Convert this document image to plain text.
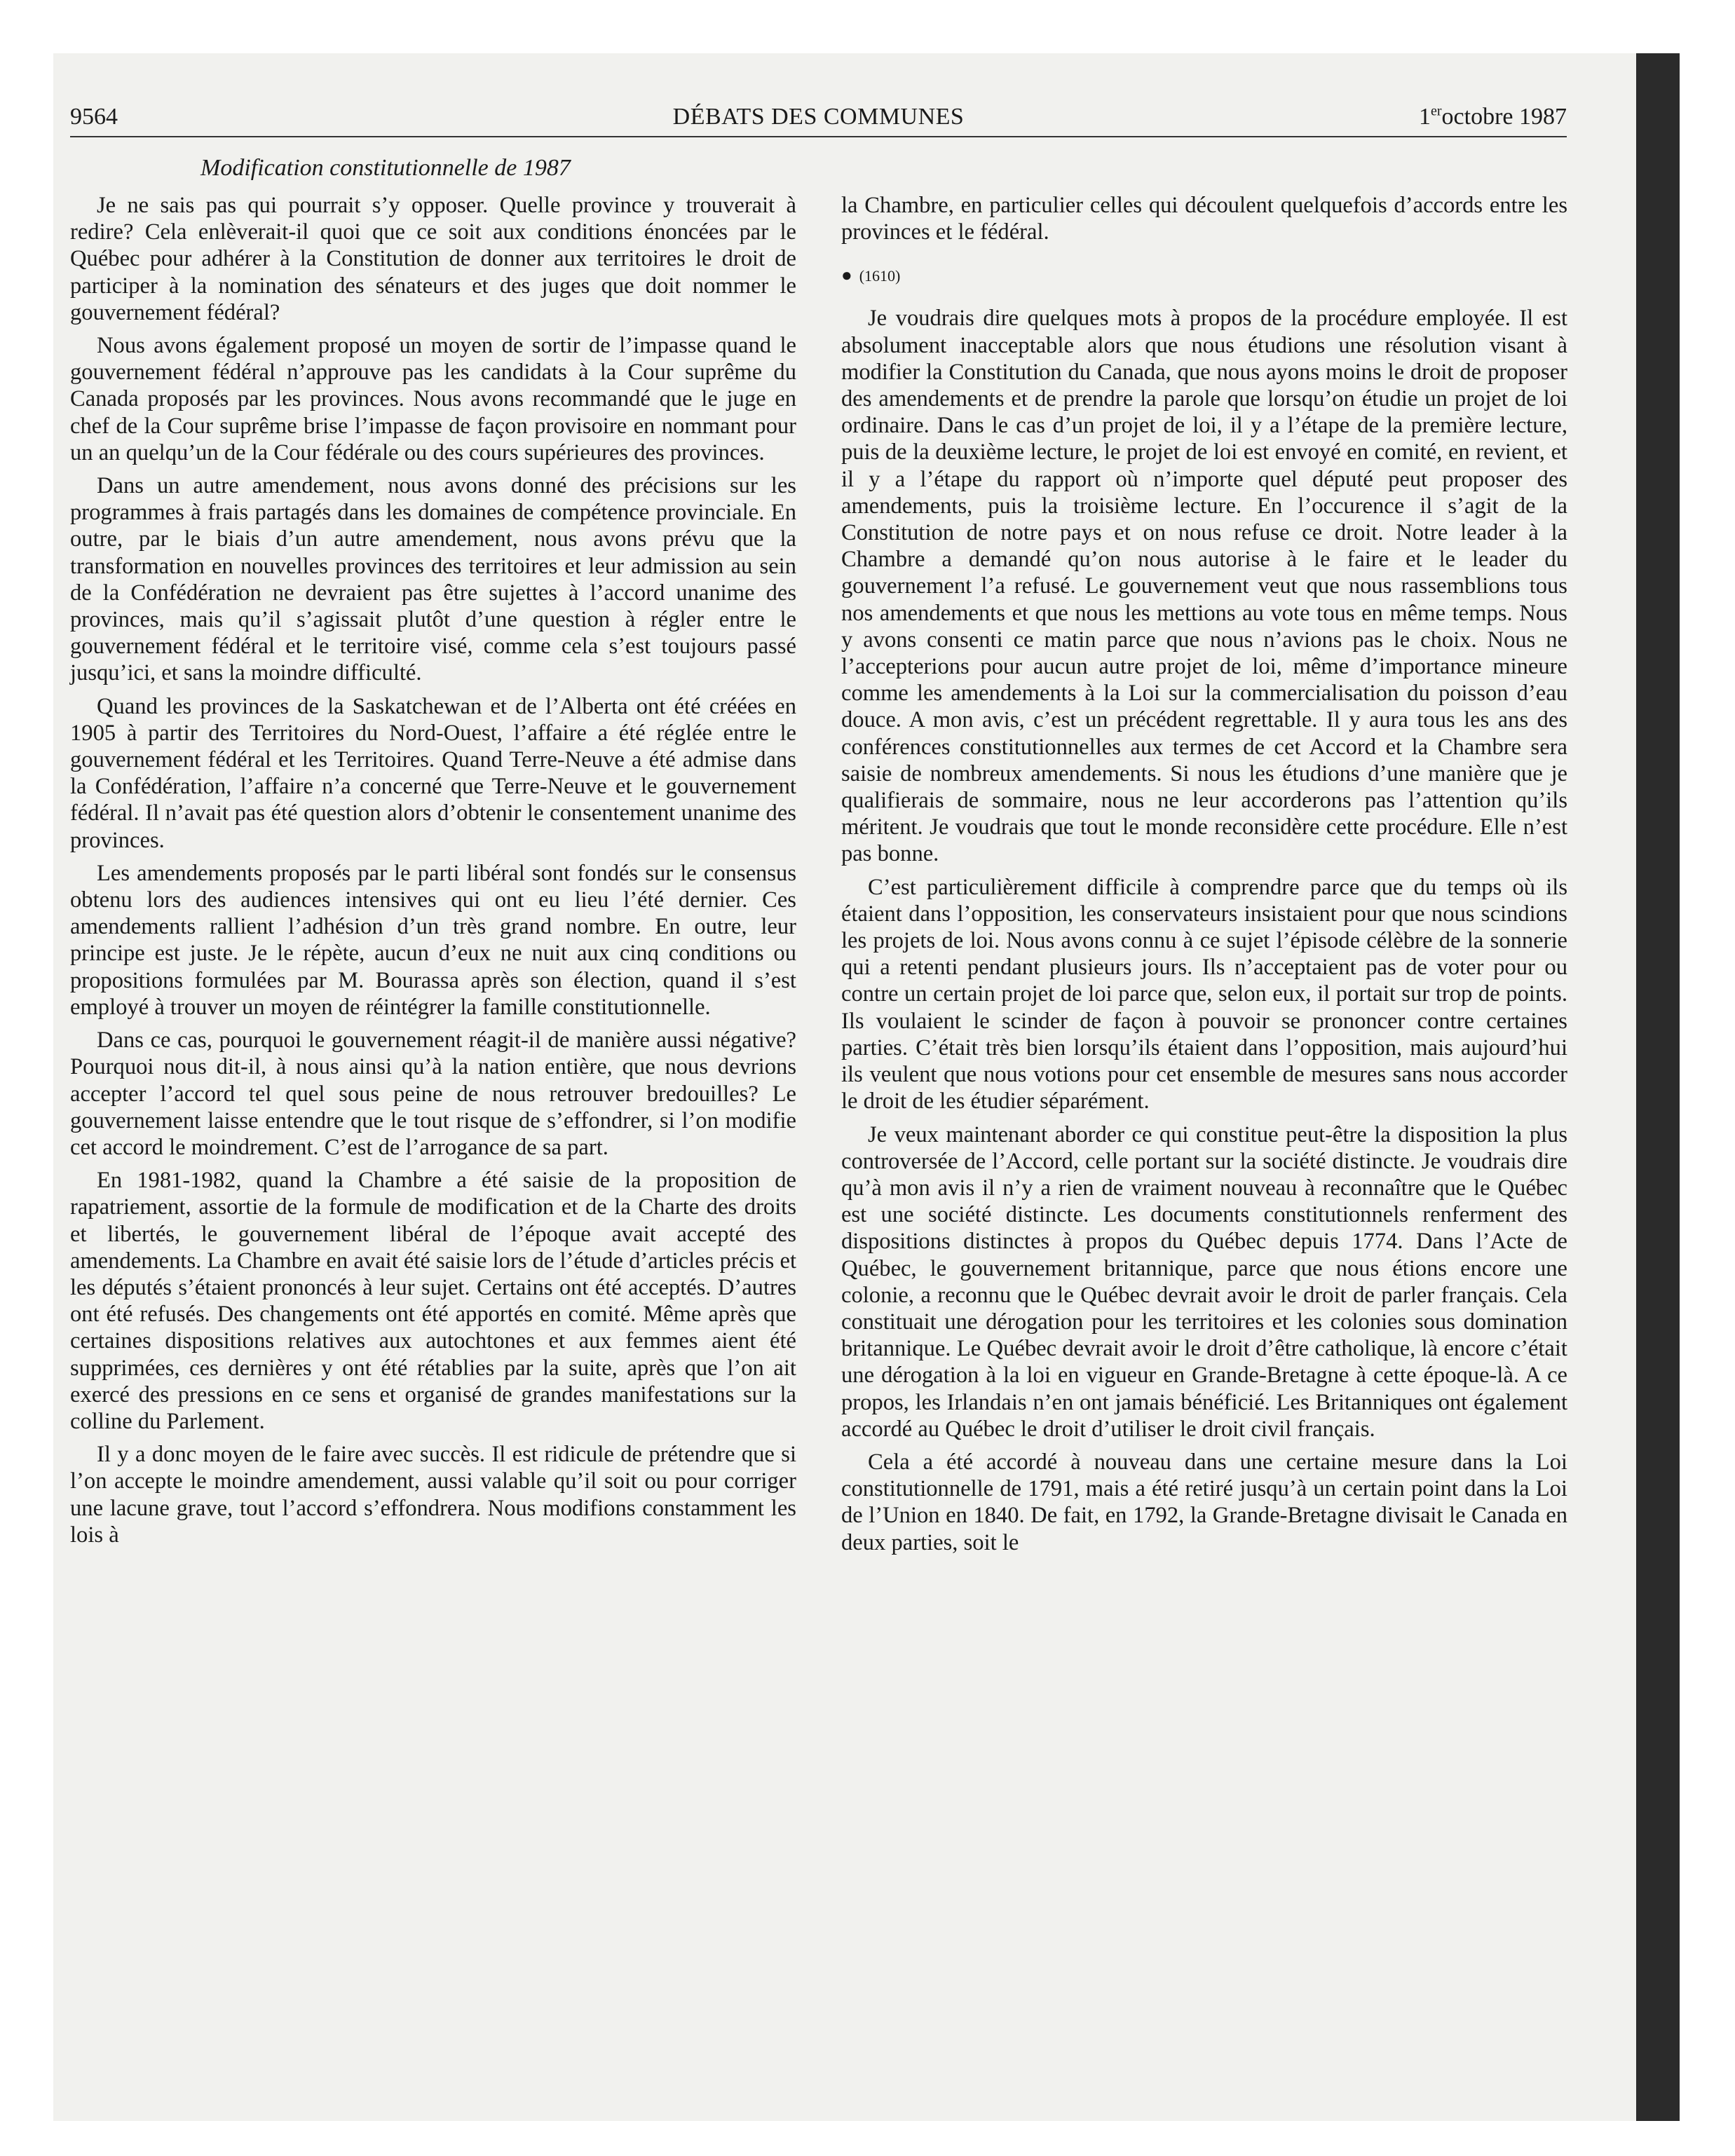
9564	DÉBATS DES COMMUNES	1eroctobre 1987
Modification constitutionnelle de 1987

Je ne sais pas qui pourrait s’y opposer. Quelle province y trouverait à redire? Cela enlèverait-il quoi que ce soit aux conditions énoncées par le Québec pour adhérer à la Constitution de donner aux territoires le droit de participer à la nomination des sénateurs et des juges que doit nommer le gouvernement fédéral?

Nous avons également proposé un moyen de sortir de l’impasse quand le gouvernement fédéral n’approuve pas les candidats à la Cour suprême du Canada proposés par les provinces. Nous avons recommandé que le juge en chef de la Cour suprême brise l’impasse de façon provisoire en nommant pour un an quelqu’un de la Cour fédérale ou des cours supérieures des provinces.

Dans un autre amendement, nous avons donné des précisions sur les programmes à frais partagés dans les domaines de compétence provinciale. En outre, par le biais d’un autre amendement, nous avons prévu que la transformation en nouvelles provinces des territoires et leur admission au sein de la Confédération ne devraient pas être sujettes à l’accord unanime des provinces, mais qu’il s’agissait plutôt d’une question à régler entre le gouvernement fédéral et le territoire visé, comme cela s’est toujours passé jusqu’ici, et sans la moindre difficulté.

Quand les provinces de la Saskatchewan et de l’Alberta ont été créées en 1905 à partir des Territoires du Nord-Ouest, l’affaire a été réglée entre le gouvernement fédéral et les Territoires. Quand Terre-Neuve a été admise dans la Confédération, l’affaire n’a concerné que Terre-Neuve et le gouvernement fédéral. Il n’avait pas été question alors d’obtenir le consentement unanime des provinces.

Les amendements proposés par le parti libéral sont fondés sur le consensus obtenu lors des audiences intensives qui ont eu lieu l’été dernier. Ces amendements rallient l’adhésion d’un très grand nombre. En outre, leur principe est juste. Je le répète, aucun d’eux ne nuit aux cinq conditions ou propositions formulées par M. Bourassa après son élection, quand il s’est employé à trouver un moyen de réintégrer la famille constitutionnelle.

Dans ce cas, pourquoi le gouvernement réagit-il de manière aussi négative? Pourquoi nous dit-il, à nous ainsi qu’à la nation entière, que nous devrions accepter l’accord tel quel sous peine de nous retrouver bredouilles? Le gouvernement laisse entendre que le tout risque de s’effondrer, si l’on modifie cet accord le moindrement. C’est de l’arrogance de sa part.

En 1981-1982, quand la Chambre a été saisie de la proposition de rapatriement, assortie de la formule de modification et de la Charte des droits et libertés, le gouvernement libéral de l’époque avait accepté des amendements. La Chambre en avait été saisie lors de l’étude d’articles précis et les députés s’étaient prononcés à leur sujet. Certains ont été acceptés. D’autres ont été refusés. Des changements ont été apportés en comité. Même après que certaines dispositions relatives aux autochtones et aux femmes aient été supprimées, ces dernières y ont été rétablies par la suite, après que l’on ait exercé des pressions en ce sens et organisé de grandes manifestations sur la colline du Parlement.

Il y a donc moyen de le faire avec succès. Il est ridicule de prétendre que si l’on accepte le moindre amendement, aussi valable qu’il soit ou pour corriger une lacune grave, tout l’accord s’effondrera. Nous modifions constamment les lois à

la Chambre, en particulier celles qui découlent quelquefois d’accords entre les provinces et le fédéral.

● (1610)

Je voudrais dire quelques mots à propos de la procédure employée. Il est absolument inacceptable alors que nous étudions une résolution visant à modifier la Constitution du Canada, que nous ayons moins le droit de proposer des amendements et de prendre la parole que lorsqu’on étudie un projet de loi ordinaire. Dans le cas d’un projet de loi, il y a l’étape de la première lecture, puis de la deuxième lecture, le projet de loi est envoyé en comité, en revient, et il y a l’étape du rapport où n’importe quel député peut proposer des amendements, puis la troisième lecture. En l’occurence il s’agit de la Constitution de notre pays et on nous refuse ce droit. Notre leader à la Chambre a demandé qu’on nous autorise à le faire et le leader du gouvernement l’a refusé. Le gouvernement veut que nous rassemblions tous nos amendements et que nous les mettions au vote tous en même temps. Nous y avons consenti ce matin parce que nous n’avions pas le choix. Nous ne l’accepterions pour aucun autre projet de loi, même d’importance mineure comme les amendements à la Loi sur la commercialisation du poisson d’eau douce. A mon avis, c’est un précédent regrettable. Il y aura tous les ans des conférences constitutionnelles aux termes de cet Accord et la Chambre sera saisie de nombreux amendements. Si nous les étudions d’une manière que je qualifierais de sommaire, nous ne leur accorderons pas l’attention qu’ils méritent. Je voudrais que tout le monde reconsidère cette procédure. Elle n’est pas bonne.

C’est particulièrement difficile à comprendre parce que du temps où ils étaient dans l’opposition, les conservateurs insistaient pour que nous scindions les projets de loi. Nous avons connu à ce sujet l’épisode célèbre de la sonnerie qui a retenti pendant plusieurs jours. Ils n’acceptaient pas de voter pour ou contre un certain projet de loi parce que, selon eux, il portait sur trop de points. Ils voulaient le scinder de façon à pouvoir se prononcer contre certaines parties. C’était très bien lorsqu’ils étaient dans l’opposition, mais aujourd’hui ils veulent que nous votions pour cet ensemble de mesures sans nous accorder le droit de les étudier séparément.

Je veux maintenant aborder ce qui constitue peut-être la disposition la plus controversée de l’Accord, celle portant sur la société distincte. Je voudrais dire qu’à mon avis il n’y a rien de vraiment nouveau à reconnaître que le Québec est une société distincte. Les documents constitutionnels renferment des dispositions distinctes à propos du Québec depuis 1774. Dans l’Acte de Québec, le gouvernement britannique, parce que nous étions encore une colonie, a reconnu que le Québec devrait avoir le droit de parler français. Cela constituait une dérogation pour les territoires et les colonies sous domination britannique. Le Québec devrait avoir le droit d’être catholique, là encore c’était une dérogation à la loi en vigueur en Grande-Bretagne à cette époque-là. A ce propos, les Irlandais n’en ont jamais bénéficié. Les Britanniques ont également accordé au Québec le droit d’utiliser le droit civil français.

Cela a été accordé à nouveau dans une certaine mesure dans la Loi constitutionnelle de 1791, mais a été retiré jusqu’à un certain point dans la Loi de l’Union en 1840. De fait, en 1792, la Grande-Bretagne divisait le Canada en deux parties, soit le
